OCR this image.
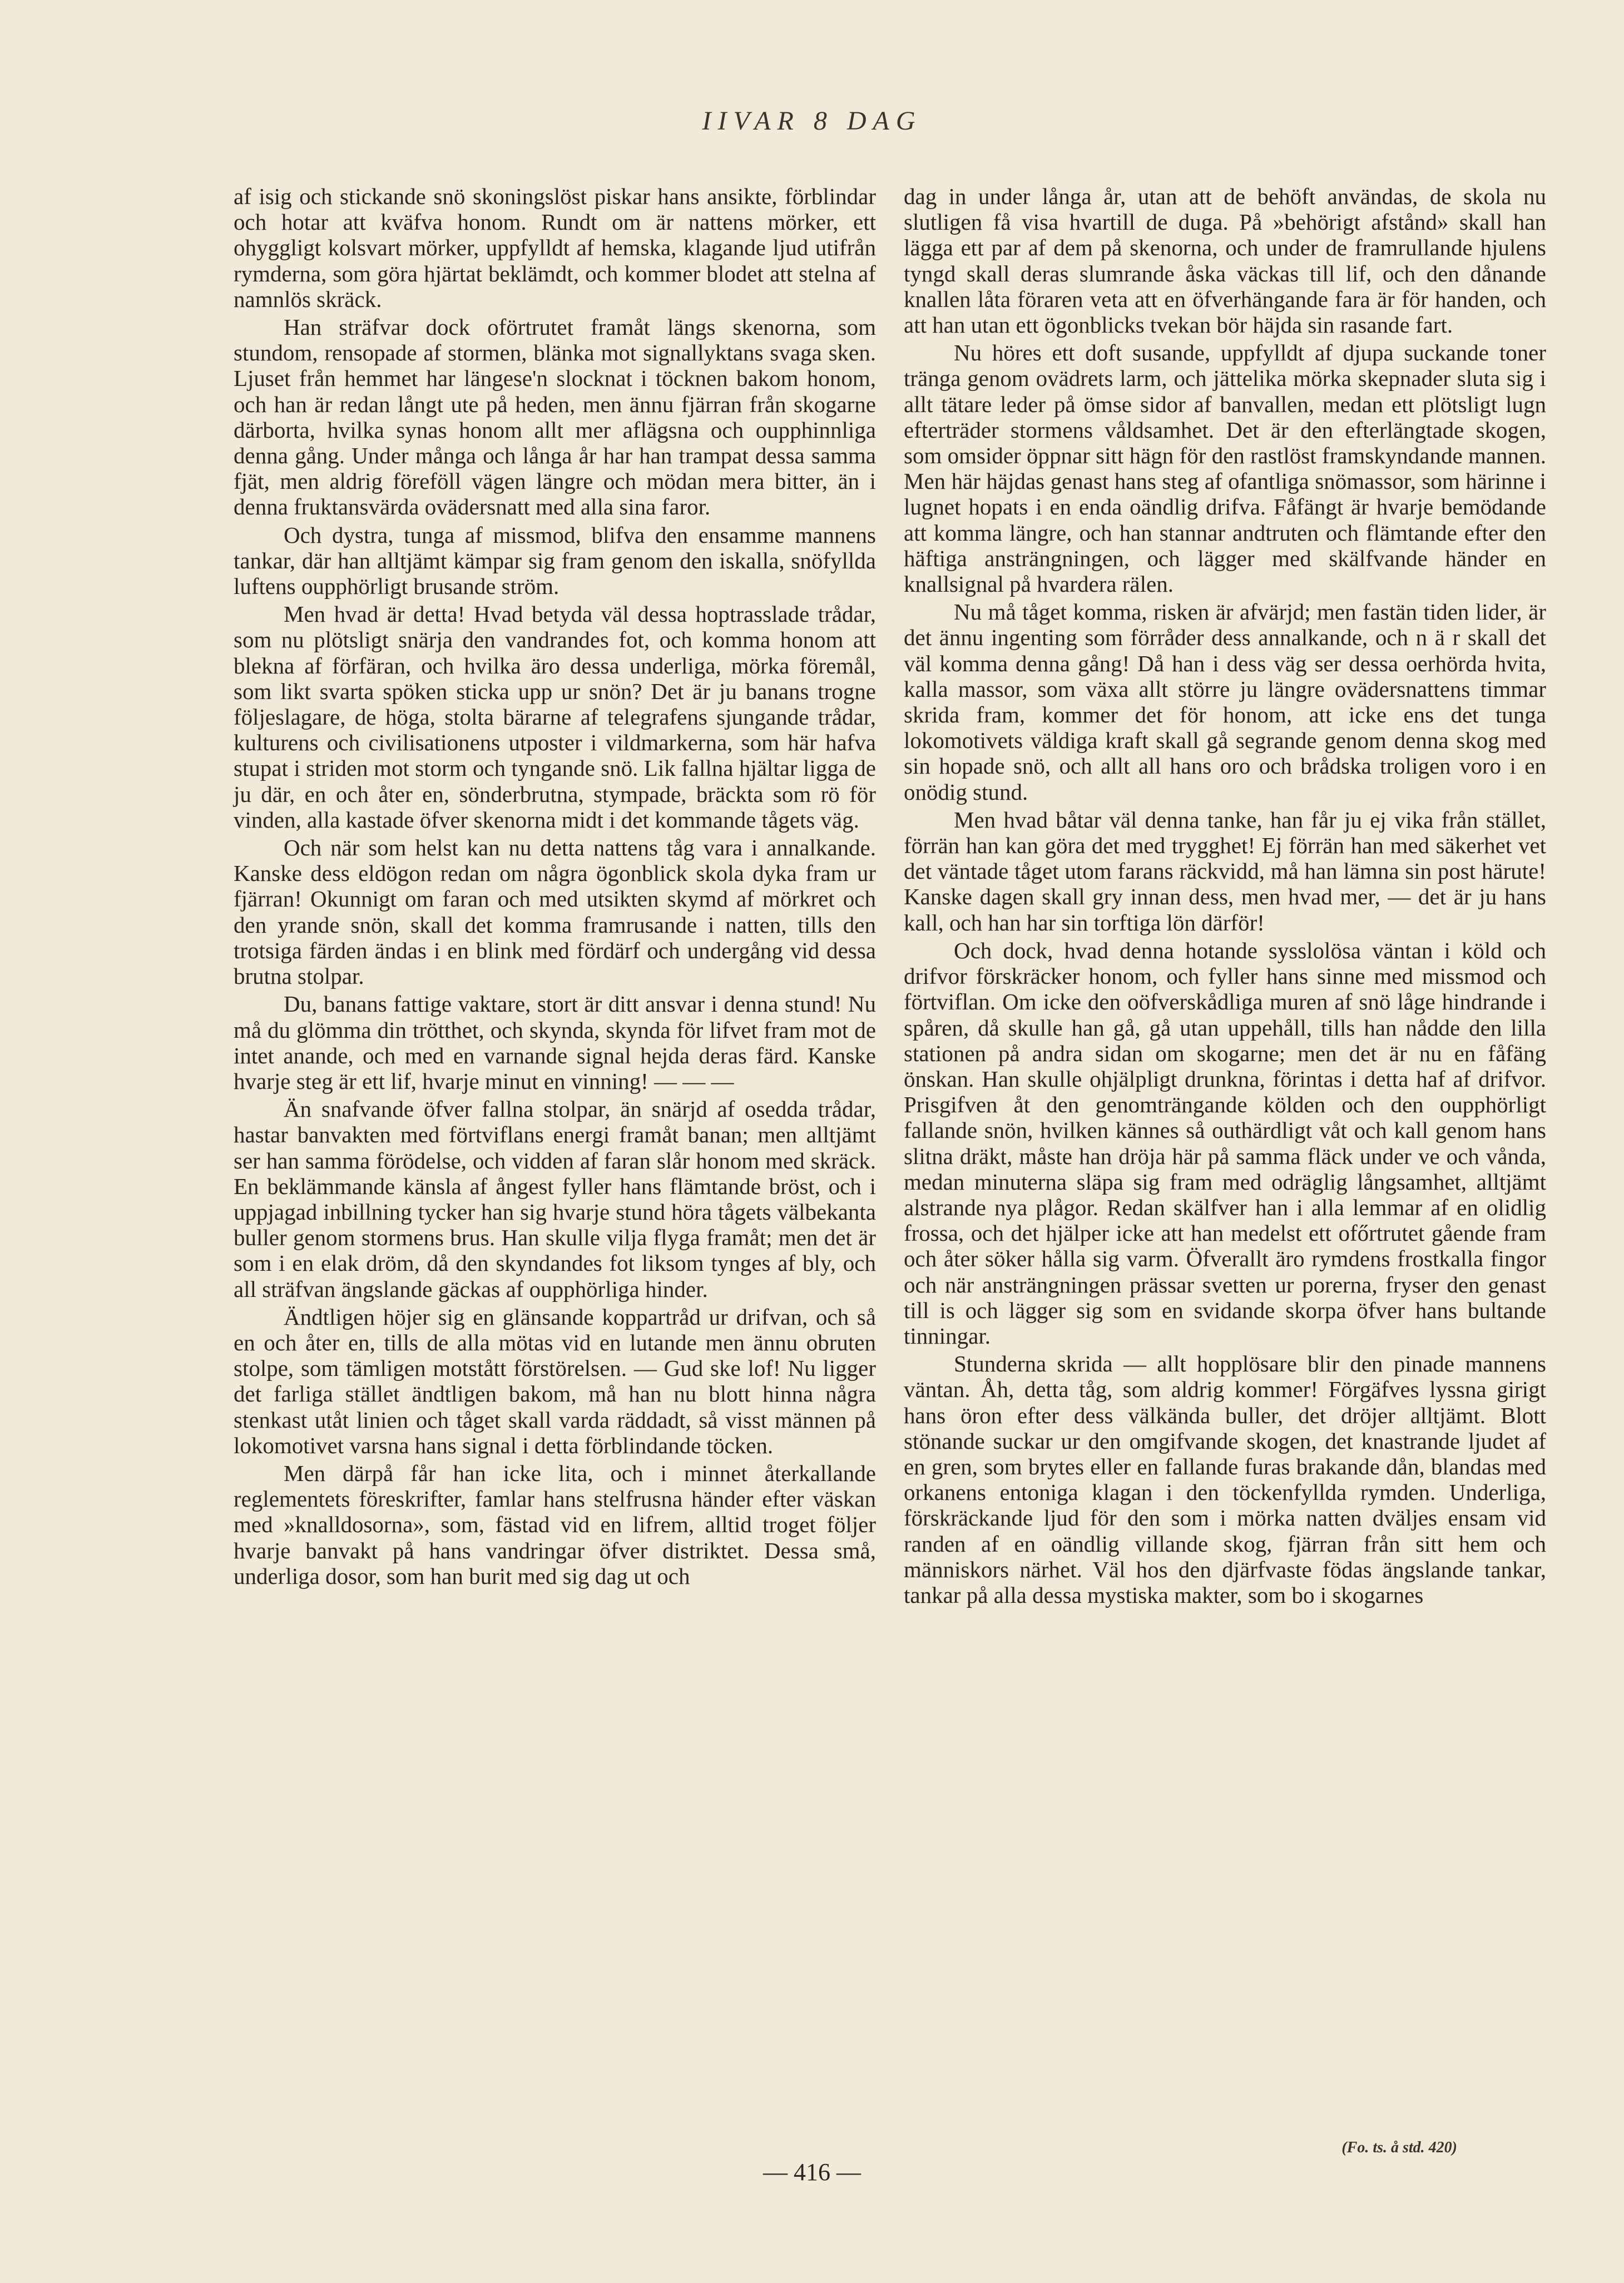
IIVAR 8 DAG

af isig och stickande snö skoningslöst piskar hans ansikte, förblindar och hotar att kväfva honom. Rundt om är nattens mörker, ett ohyggligt kolsvart mörker, uppfylldt af hemska, klagande ljud utifrån rymderna, som göra hjärtat beklämdt, och kommer blodet att stelna af namnlös skräck.

Han sträfvar dock oförtrutet framåt längs skenorna, som stundom, rensopade af stormen, blänka mot signallyktans svaga sken. Ljuset från hemmet har längese'n slocknat i töcknen bakom honom, och han är redan långt ute på heden, men ännu fjärran från skogarne därborta, hvilka synas honom allt mer aflägsna och oupphinnliga denna gång. Under många och långa år har han trampat dessa samma fjät, men aldrig föreföll vägen längre och mödan mera bitter, än i denna fruktansvärda ovädersnatt med alla sina faror.

Och dystra, tunga af missmod, blifva den ensamme mannens tankar, där han alltjämt kämpar sig fram genom den iskalla, snöfyllda luftens oupphörligt brusande ström.

Men hvad är detta! Hvad betyda väl dessa hoptrasslade trådar, som nu plötsligt snärja den vandrandes fot, och komma honom att blekna af förfäran, och hvilka äro dessa underliga, mörka föremål, som likt svarta spöken sticka upp ur snön? Det är ju banans trogne följeslagare, de höga, stolta bärarne af telegrafens sjungande trådar, kulturens och civilisationens utposter i vildmarkerna, som här hafva stupat i striden mot storm och tyngande snö. Lik fallna hjältar ligga de ju där, en och åter en, sönderbrutna, stympade, bräckta som rö för vinden, alla kastade öfver skenorna midt i det kommande tågets väg.

Och när som helst kan nu detta nattens tåg vara i annalkande. Kanske dess eldögon redan om några ögonblick skola dyka fram ur fjärran! Okunnigt om faran och med utsikten skymd af mörkret och den yrande snön, skall det komma framrusande i natten, tills den trotsiga färden ändas i en blink med fördärf och undergång vid dessa brutna stolpar.

Du, banans fattige vaktare, stort är ditt ansvar i denna stund! Nu må du glömma din trötthet, och skynda, skynda för lifvet fram mot de intet anande, och med en varnande signal hejda deras färd. Kanske hvarje steg är ett lif, hvarje minut en vinning! — — —

Än snafvande öfver fallna stolpar, än snärjd af osedda trådar, hastar banvakten med förtviflans energi framåt banan; men alltjämt ser han samma förödelse, och vidden af faran slår honom med skräck. En beklämmande känsla af ångest fyller hans flämtande bröst, och i uppjagad inbillning tycker han sig hvarje stund höra tågets välbekanta buller genom stormens brus. Han skulle vilja flyga framåt; men det är som i en elak dröm, då den skyndandes fot liksom tynges af bly, och all sträfvan ängslande gäckas af oupphörliga hinder.

Ändtligen höjer sig en glänsande koppartråd ur drifvan, och så en och åter en, tills de alla mötas vid en lutande men ännu obruten stolpe, som tämligen motstått förstörelsen. — Gud ske lof! Nu ligger det farliga stället ändtligen bakom, må han nu blott hinna några stenkast utåt linien och tåget skall varda räddadt, så visst männen på lokomotivet varsna hans signal i detta förblindande töcken.

Men därpå får han icke lita, och i minnet återkallande reglementets föreskrifter, famlar hans stelfrusna händer efter väskan med »knalldosorna», som, fästad vid en lifrem, alltid troget följer hvarje banvakt på hans vandringar öfver distriktet. Dessa små, underliga dosor, som han burit med sig dag ut och

dag in under långa år, utan att de behöft användas, de skola nu slutligen få visa hvartill de duga. På »behörigt afstånd» skall han lägga ett par af dem på skenorna, och under de framrullande hjulens tyngd skall deras slumrande åska väckas till lif, och den dånande knallen låta föraren veta att en öfverhängande fara är för handen, och att han utan ett ögonblicks tvekan bör häjda sin rasande fart.

Nu höres ett doft susande, uppfylldt af djupa suckande toner tränga genom ovädrets larm, och jättelika mörka skepnader sluta sig i allt tätare leder på ömse sidor af banvallen, medan ett plötsligt lugn efterträder stormens våldsamhet. Det är den efterlängtade skogen, som omsider öppnar sitt hägn för den rastlöst framskyndande mannen. Men här häjdas genast hans steg af ofantliga snömassor, som härinne i lugnet hopats i en enda oändlig drifva. Fåfängt är hvarje bemödande att komma längre, och han stannar andtruten och flämtande efter den häftiga ansträngningen, och lägger med skälfvande händer en knallsignal på hvardera rälen.

Nu må tåget komma, risken är afvärjd; men fastän tiden lider, är det ännu ingenting som förråder dess annalkande, och n ä r skall det väl komma denna gång! Då han i dess väg ser dessa oerhörda hvita, kalla massor, som växa allt större ju längre ovädersnattens timmar skrida fram, kommer det för honom, att icke ens det tunga lokomotivets väldiga kraft skall gå segrande genom denna skog med sin hopade snö, och allt all hans oro och brådska troligen voro i en onödig stund.

Men hvad båtar väl denna tanke, han får ju ej vika från stället, förrän han kan göra det med trygghet! Ej förrän han med säkerhet vet det väntade tåget utom farans räckvidd, må han lämna sin post härute! Kanske dagen skall gry innan dess, men hvad mer, — det är ju hans kall, och han har sin torftiga lön därför!

Och dock, hvad denna hotande sysslolösa väntan i köld och drifvor förskräcker honom, och fyller hans sinne med missmod och förtviflan. Om icke den oöfverskådliga muren af snö låge hindrande i spåren, då skulle han gå, gå utan uppehåll, tills han nådde den lilla stationen på andra sidan om skogarne; men det är nu en fåfäng önskan. Han skulle ohjälpligt drunkna, förintas i detta haf af drifvor. Prisgifven åt den genomträngande kölden och den oupphörligt fallande snön, hvilken kännes så outhärdligt våt och kall genom hans slitna dräkt, måste han dröja här på samma fläck under ve och vånda, medan minuterna släpa sig fram med odräglig långsamhet, alltjämt alstrande nya plågor. Redan skälfver han i alla lemmar af en olidlig frossa, och det hjälper icke att han medelst ett ofőrtrutet gående fram och åter söker hålla sig varm. Öfverallt äro rymdens frostkalla fingor och när ansträngningen prässar svetten ur porerna, fryser den genast till is och lägger sig som en svidande skorpa öfver hans bultande tinningar.

Stunderna skrida — allt hopplösare blir den pinade mannens väntan. Åh, detta tåg, som aldrig kommer! Förgäfves lyssna girigt hans öron efter dess välkända buller, det dröjer alltjämt. Blott stönande suckar ur den omgifvande skogen, det knastrande ljudet af en gren, som brytes eller en fallande furas brakande dån, blandas med orkanens entoniga klagan i den töckenfyllda rymden. Underliga, förskräckande ljud för den som i mörka natten dväljes ensam vid randen af en oändlig villande skog, fjärran från sitt hem och människors närhet. Väl hos den djärfvaste födas ängslande tankar, tankar på alla dessa mystiska makter, som bo i skogarnes

(Fo. ts. å std. 420)
— 416 —
